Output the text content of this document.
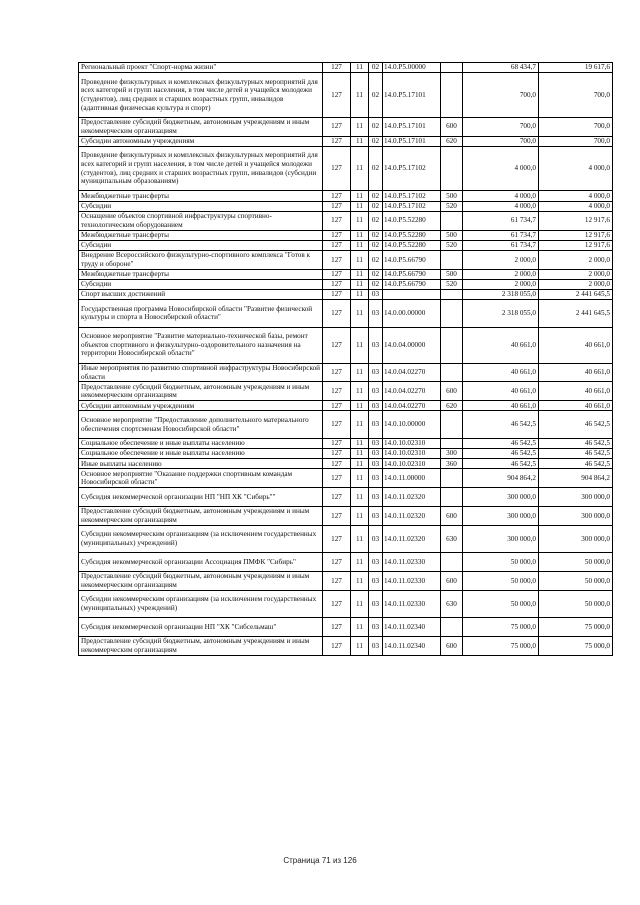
Региональный проект "Спорт-норма жизни"	127	11	02	14.0.P5.00000		68 434,7	19 617,6
Проведение физкультурных и комплексных физкультурных мероприятий для всех категорий и групп населения, в том числе детей и учащейся молодежи (студентов), лиц средних и старших возрастных групп, инвалидов (адаптивная физическая культура и спорт)	127	11	02	14.0.P5.17101		700,0	700,0
Предоставление субсидий бюджетным, автономным учреждениям и иным некоммерческим организациям	127	11	02	14.0.P5.17101	600	700,0	700,0
Субсидии автономным учреждениям	127	11	02	14.0.P5.17101	620	700,0	700,0
Проведение физкультурных и комплексных физкультурных мероприятий для всех категорий и групп населения, в том числе детей и учащейся молодежи (студентов), лиц средних и старших возрастных групп, инвалидов (субсидии муниципальным образованиям)	127	11	02	14.0.P5.17102		4 000,0	4 000,0
Межбюджетные трансферты	127	11	02	14.0.P5.17102	500	4 000,0	4 000,0
Субсидии	127	11	02	14.0.P5.17102	520	4 000,0	4 000,0
Оснащение объектов спортивной инфраструктуры спортивно-технологическим оборудованием	127	11	02	14.0.P5.52280		61 734,7	12 917,6
Межбюджетные трансферты	127	11	02	14.0.P5.52280	500	61 734,7	12 917,6
Субсидии	127	11	02	14.0.P5.52280	520	61 734,7	12 917,6
Внедрение Всероссийского физкультурно-спортивного комплекса "Готов к труду и обороне"	127	11	02	14.0.P5.66790		2 000,0	2 000,0
Межбюджетные трансферты	127	11	02	14.0.P5.66790	500	2 000,0	2 000,0
Субсидии	127	11	02	14.0.P5.66790	520	2 000,0	2 000,0
Спорт высших достижений	127	11	03			2 318 055,0	2 441 645,5
Государственная программа Новосибирской области "Развитие физической культуры и спорта в Новосибирской области"	127	11	03	14.0.00.00000		2 318 055,0	2 441 645,5
Основное мероприятие "Развитие материально-технической базы, ремонт объектов спортивного и физкультурно-оздоровительного назначения на территории Новосибирской области"	127	11	03	14.0.04.00000		40 661,0	40 661,0
Иные мероприятия по развитию спортивной инфраструктуры Новосибирской области	127	11	03	14.0.04.02270		40 661,0	40 661,0
Предоставление субсидий бюджетным, автономным учреждениям и иным некоммерческим организациям	127	11	03	14.0.04.02270	600	40 661,0	40 661,0
Субсидии автономным учреждениям	127	11	03	14.0.04.02270	620	40 661,0	40 661,0
Основное мероприятие "Предоставление дополнительного материального обеспечения спортсменам Новосибирской области"	127	11	03	14.0.10.00000		46 542,5	46 542,5
Социальное обеспечение и иные выплаты населению	127	11	03	14.0.10.02310		46 542,5	46 542,5
Социальное обеспечение и иные выплаты населению	127	11	03	14.0.10.02310	300	46 542,5	46 542,5
Иные выплаты населению	127	11	03	14.0.10.02310	360	46 542,5	46 542,5
Основное мероприятие "Оказание поддержки спортивным командам Новосибирской области"	127	11	03	14.0.11.00000		904 864,2	904 864,2
Субсидия некоммерческой организации НП "НП ХК "Сибирь""	127	11	03	14.0.11.02320		300 000,0	300 000,0
Предоставление субсидий бюджетным, автономным учреждениям и иным некоммерческим организациям	127	11	03	14.0.11.02320	600	300 000,0	300 000,0
Субсидии некоммерческим организациям (за исключением государственных (муниципальных) учреждений)	127	11	03	14.0.11.02320	630	300 000,0	300 000,0
Субсидия некоммерческой организации Ассоциация ПМФК "Сибирь"	127	11	03	14.0.11.02330		50 000,0	50 000,0
Предоставление субсидий бюджетным, автономным учреждениям и иным некоммерческим организациям	127	11	03	14.0.11.02330	600	50 000,0	50 000,0
Субсидии некоммерческим организациям (за исключением государственных (муниципальных) учреждений)	127	11	03	14.0.11.02330	630	50 000,0	50 000,0
Субсидия некоммерческой организации НП "ХК "Сибсельмаш"	127	11	03	14.0.11.02340		75 000,0	75 000,0
Предоставление субсидий бюджетным, автономным учреждениям и иным некоммерческим организациям	127	11	03	14.0.11.02340	600	75 000,0	75 000,0
Страница 71 из 126
